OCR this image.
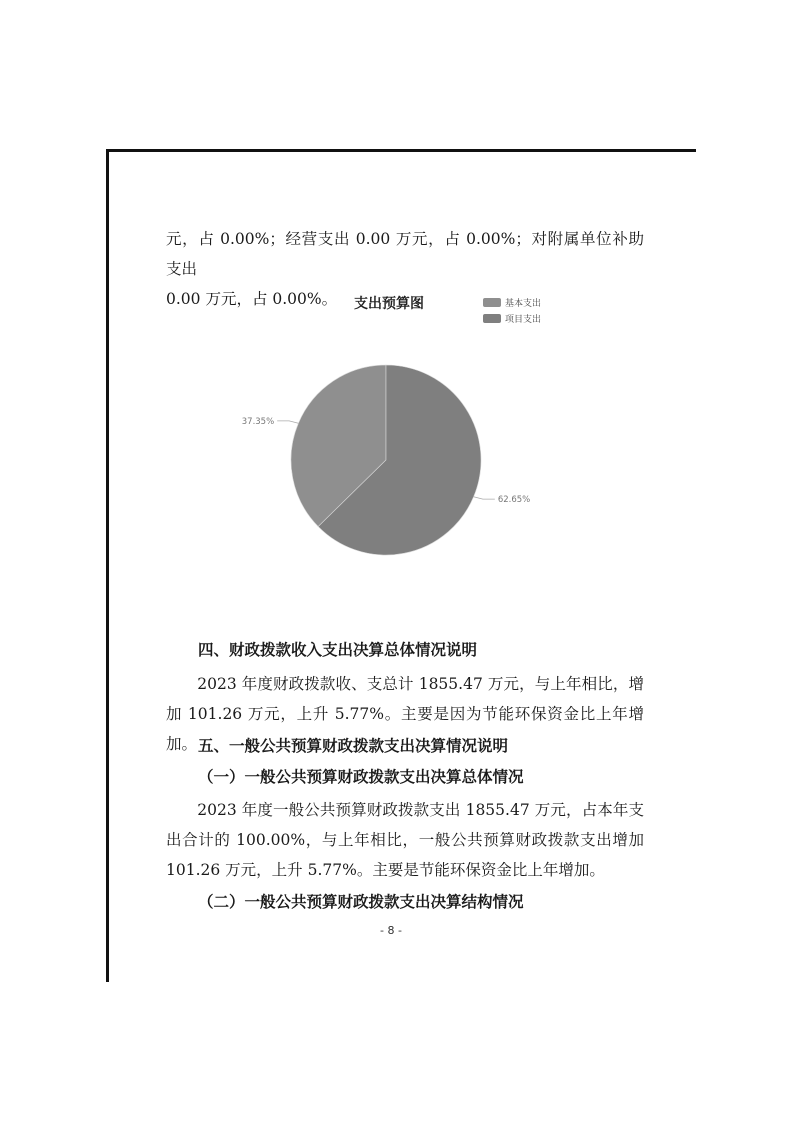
元，占 0.00%；经营支出 0.00 万元，占 0.00%；对附属单位补助支出
0.00 万元，占 0.00%。	支出预算图	基本支出
项目支出
37.35%
62.65%
四、财政拨款收入支出决算总体情况说明

　　2023 年度财政拨款收、支总计 1855.47 万元，与上年相比，增加 101.26 万元，上升 5.77%。主要是因为节能环保资金比上年增加。 五、一般公共预算财政拨款支出决算情况说明
（一）一般公共预算财政拨款支出决算总体情况

　　2023 年度一般公共预算财政拨款支出 1855.47 万元，占本年支出合计的 100.00%，与上年相比，一般公共预算财政拨款支出增加 101.26 万元，上升 5.77%。主要是节能环保资金比上年增加。

（二）一般公共预算财政拨款支出决算结构情况
- 8 -
